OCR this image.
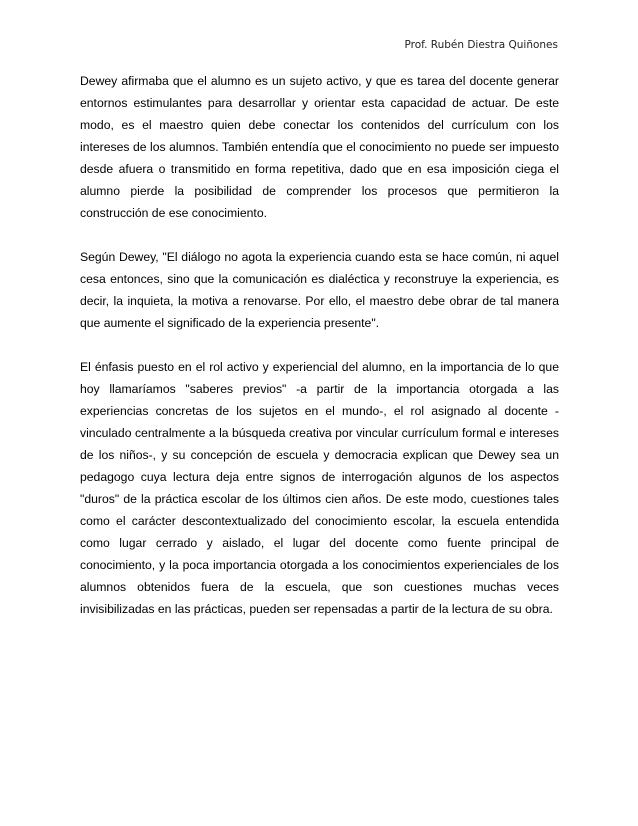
Prof. Rubén Diestra Quiñones

Dewey afirmaba que el alumno es un sujeto activo, y que es tarea del docente generar entornos estimulantes para desarrollar y orientar esta capacidad de actuar. De este modo, es el maestro quien debe conectar los contenidos del currículum con los intereses de los alumnos. También entendía que el conocimiento no puede ser impuesto desde afuera o transmitido en forma repetitiva, dado que en esa imposición ciega el alumno pierde la posibilidad de comprender los procesos que permitieron la construcción de ese conocimiento.

Según Dewey, "El diálogo no agota la experiencia cuando esta se hace común, ni aquel cesa entonces, sino que la comunicación es dialéctica y reconstruye la experiencia, es decir, la inquieta, la motiva a renovarse. Por ello, el maestro debe obrar de tal manera que aumente el significado de la experiencia presente".

El énfasis puesto en el rol activo y experiencial del alumno, en la importancia de lo que hoy llamaríamos "saberes previos" -a partir de la importancia otorgada a las experiencias concretas de los sujetos en el mundo-, el rol asignado al docente - vinculado centralmente a la búsqueda creativa por vincular currículum formal e intereses de los niños-, y su concepción de escuela y democracia explican que Dewey sea un pedagogo cuya lectura deja entre signos de interrogación algunos de los aspectos "duros" de la práctica escolar de los últimos cien años. De este modo, cuestiones tales como el carácter descontextualizado del conocimiento escolar, la escuela entendida como lugar cerrado y aislado, el lugar del docente como fuente principal de conocimiento, y la poca importancia otorgada a los conocimientos experienciales de los alumnos obtenidos fuera de la escuela, que son cuestiones muchas veces invisibilizadas en las prácticas, pueden ser repensadas a partir de la lectura de su obra.
